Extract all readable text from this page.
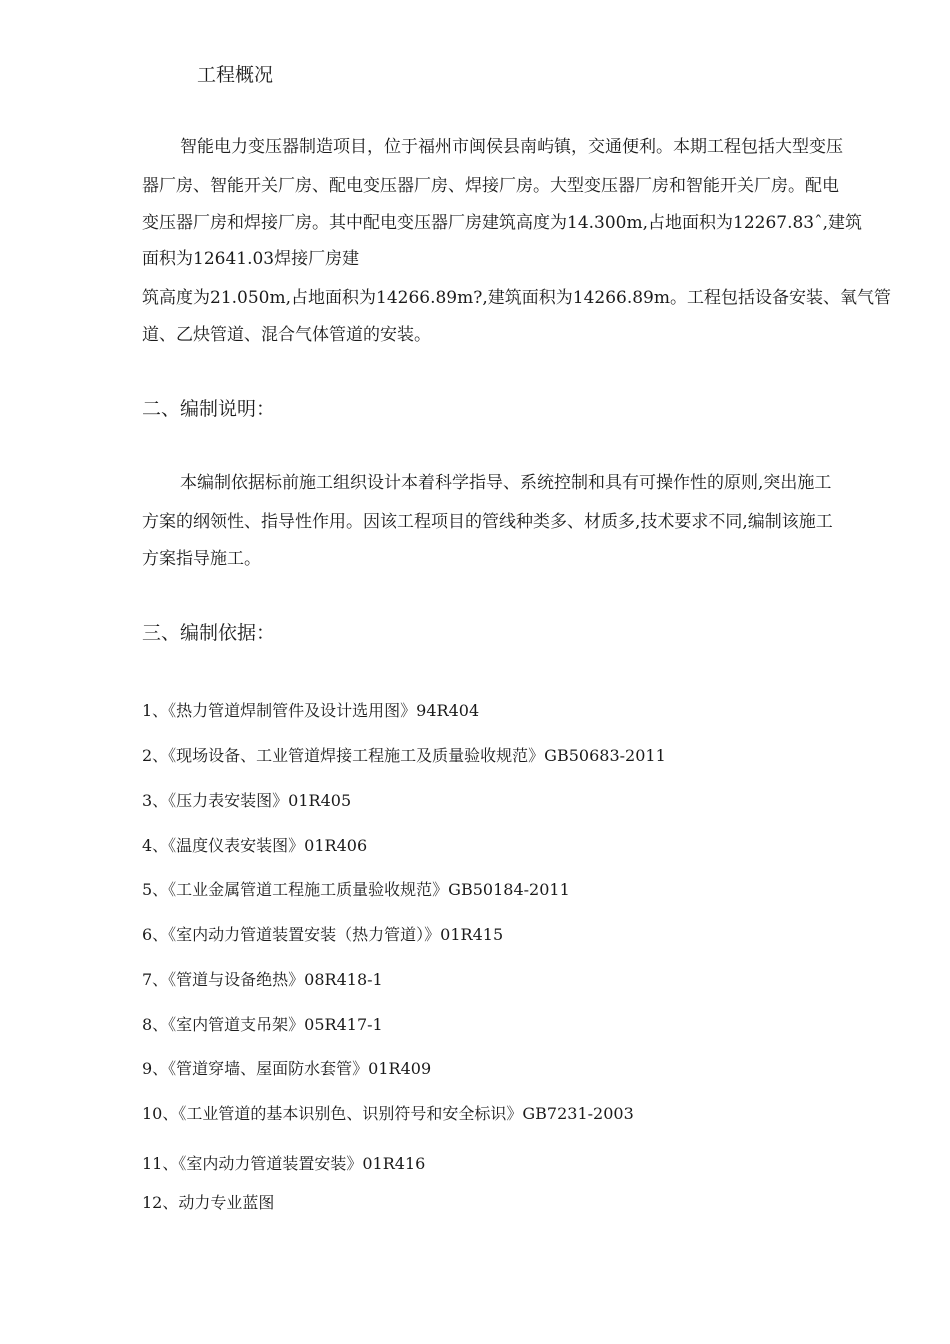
工程概况
智能电力变压器制造项目，位于福州市闽侯县南屿镇，交通便利。本期工程包括大型变压
器厂房、智能开关厂房、配电变压器厂房、焊接厂房。大型变压器厂房和智能开关厂房。配电
变压器厂房和焊接厂房。其中配电变压器厂房建筑高度为14.300m,占地面积为12267.83ˆ,建筑
面积为12641.03焊接厂房建
筑高度为21.050m,占地面积为14266.89m?,建筑面积为14266.89m。工程包括设备安装、氧气管
道、乙炔管道、混合气体管道的安装。
二、编制说明：
本编制依据标前施工组织设计本着科学指导、系统控制和具有可操作性的原则,突出施工
方案的纲领性、指导性作用。因该工程项目的管线种类多、材质多,技术要求不同,编制该施工
方案指导施工。
三、编制依据：
1、《热力管道焊制管件及设计选用图》94R404
2、《现场设备、工业管道焊接工程施工及质量验收规范》GB50683-2011
3、《压力表安装图》01R405
4、《温度仪表安装图》01R406
5、《工业金属管道工程施工质量验收规范》GB50184-2011
6、《室内动力管道装置安装（热力管道）》01R415
7、《管道与设备绝热》08R418-1
8、《室内管道支吊架》05R417-1
9、《管道穿墙、屋面防水套管》01R409
10、《工业管道的基本识别色、识别符号和安全标识》GB7231-2003
11、《室内动力管道装置安装》01R416
12、动力专业蓝图
